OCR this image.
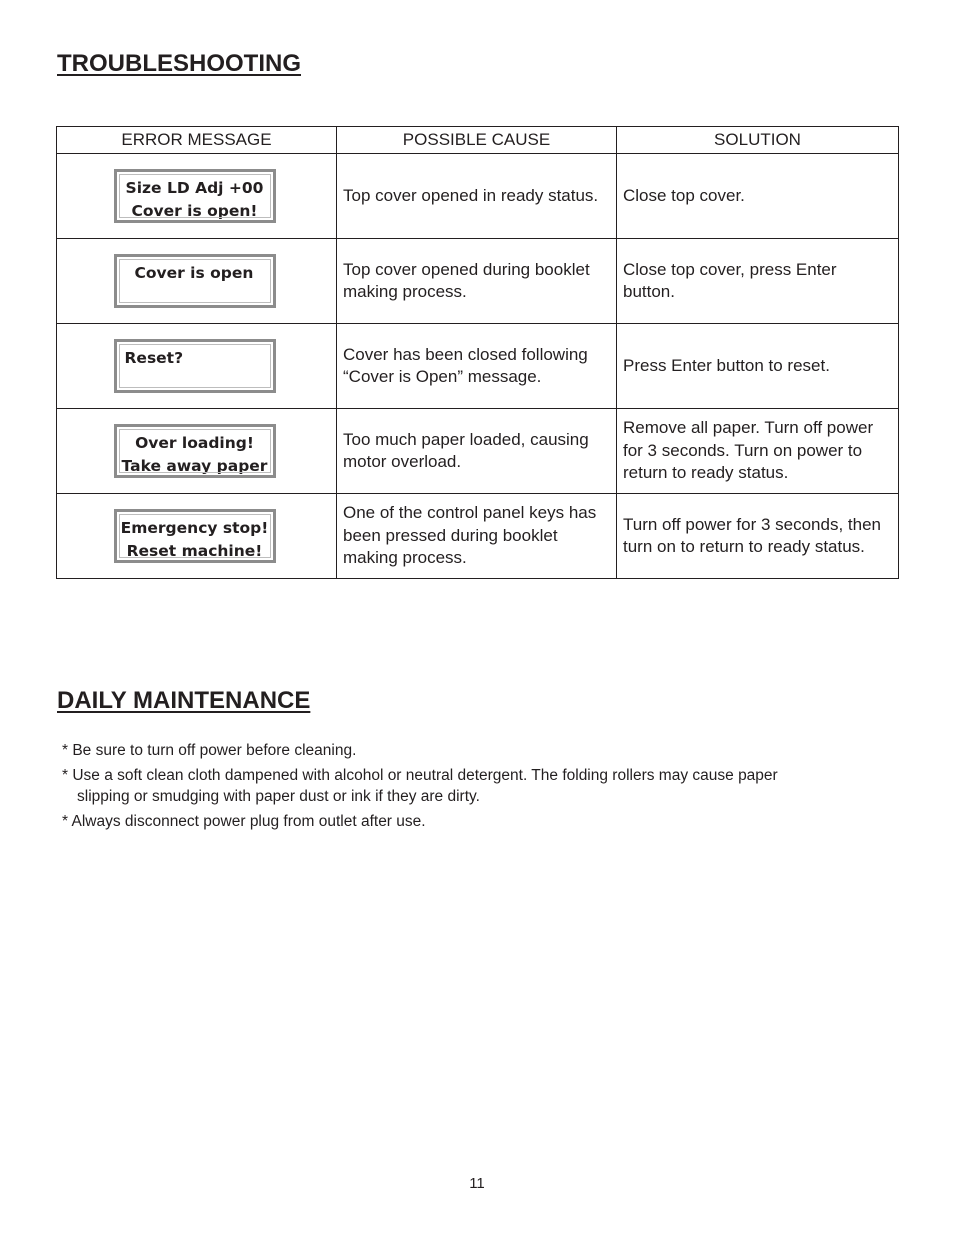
TROUBLESHOOTING
ERROR MESSAGE	POSSIBLE CAUSE	SOLUTION

Size LD Adj +00
Cover is open!	Top cover opened in ready status.	Close top cover.

Cover is open	Top cover opened during booklet making process.	Close top cover, press Enter button.

Reset?	Cover has been closed following “Cover is Open” message.	Press Enter button to reset.

Over loading!
Take away paper	Too much paper loaded, causing motor overload.	Remove all paper. Turn off power for 3 seconds. Turn on power to return to ready status.

Emergency stop!
Reset machine!	One of the control panel keys has been pressed during booklet making process.	Turn off power for 3 seconds, then turn on to return to ready status.
DAILY MAINTENANCE
* Be sure to turn off power before cleaning.
* Use a soft clean cloth dampened with alcohol or neutral detergent. The folding rollers may cause paper
slipping or smudging with paper dust or ink if they are dirty.
* Always disconnect power plug from outlet after use.
11
